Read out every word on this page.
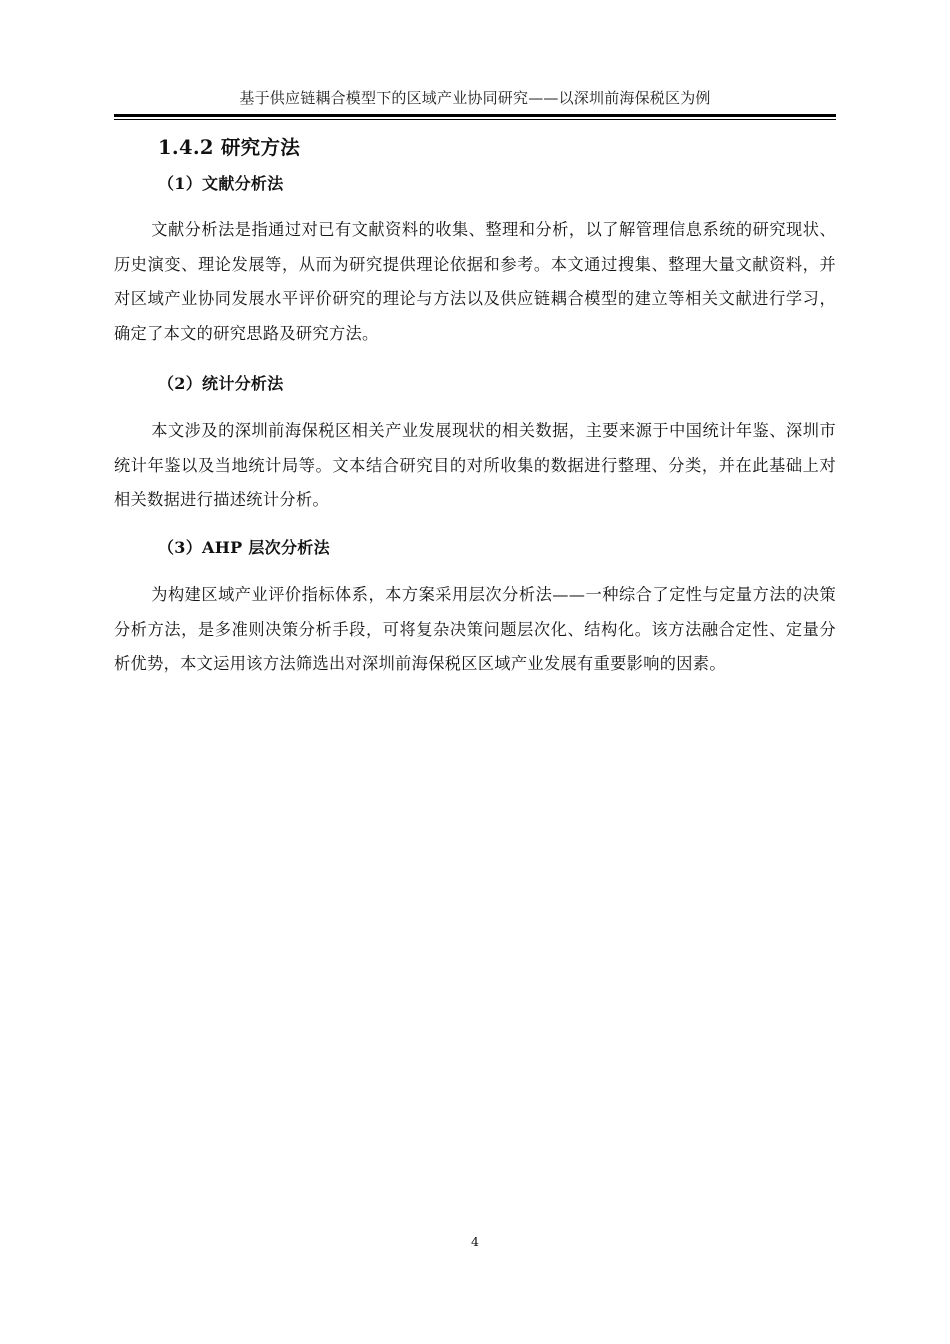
基于供应链耦合模型下的区域产业协同研究——以深圳前海保税区为例
1.4.2 研究方法
（1）文献分析法

文献分析法是指通过对已有文献资料的收集、整理和分析，以了解管理信息系统的研究现状、历史演变、理论发展等，从而为研究提供理论依据和参考。本文通过搜集、整理大量文献资料，并对区域产业协同发展水平评价研究的理论与方法以及供应链耦合模型的建立等相关文献进行学习，确定了本文的研究思路及研究方法。

（2）统计分析法

本文涉及的深圳前海保税区相关产业发展现状的相关数据，主要来源于中国统计年鉴、深圳市统计年鉴以及当地统计局等。文本结合研究目的对所收集的数据进行整理、分类，并在此基础上对相关数据进行描述统计分析。

（3）AHP 层次分析法

为构建区域产业评价指标体系，本方案采用层次分析法——一种综合了定性与定量方法的决策分析方法，是多准则决策分析手段，可将复杂决策问题层次化、结构化。该方法融合定性、定量分析优势，本文运用该方法筛选出对深圳前海保税区区域产业发展有重要影响的因素。

4
